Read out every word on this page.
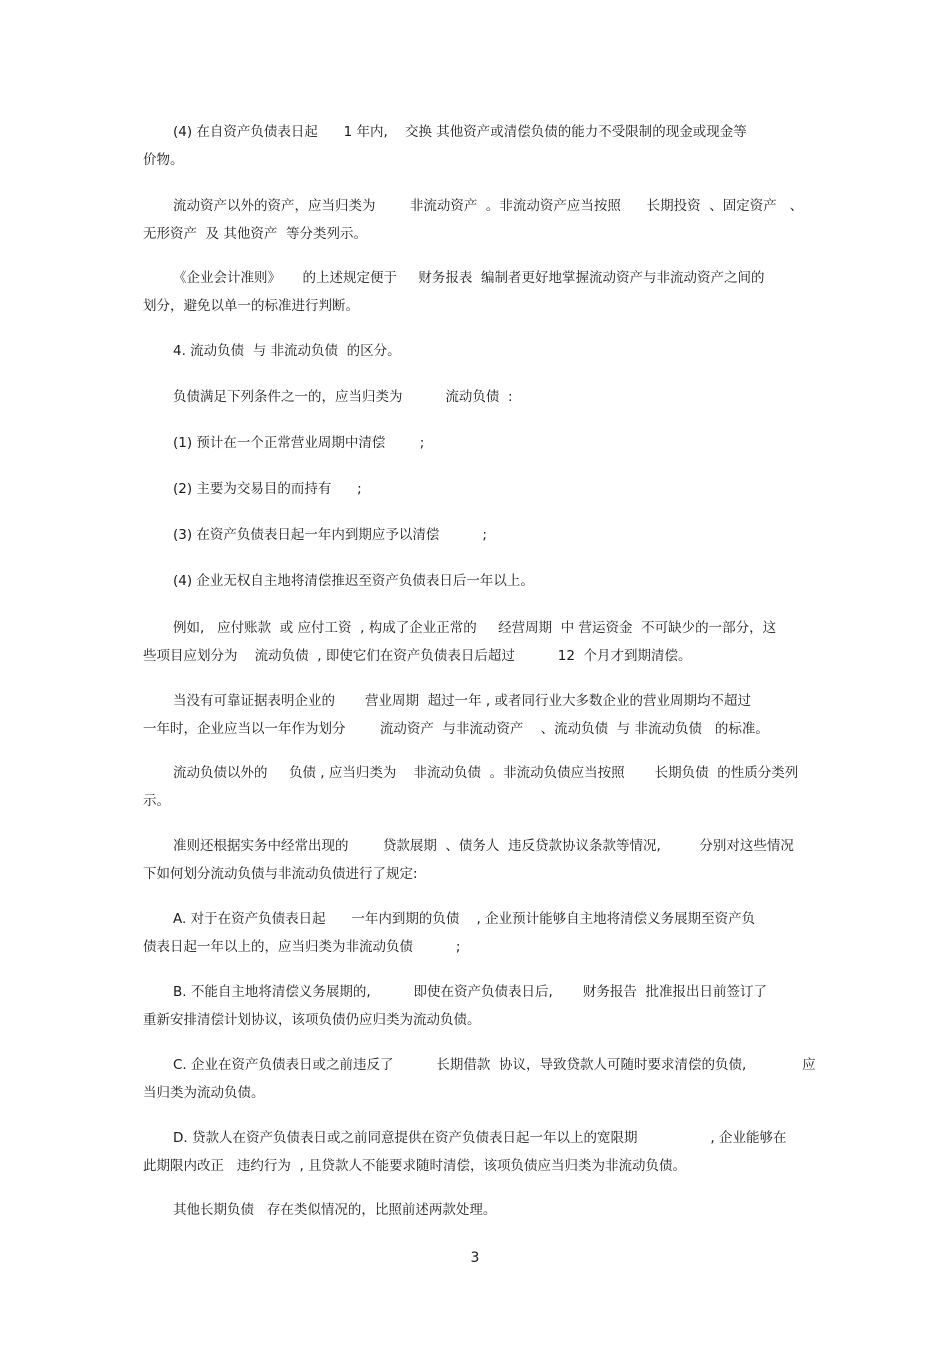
(4) 在自资产负债表日起      1 年内,    交换 其他资产或清偿负债的能力不受限制的现金或现金等
价物。

流动资产以外的资产，应当归类为        非流动资产  。非流动资产应当按照      长期投资  、固定资产   、
无形资产  及 其他资产  等分类列示。

《企业会计准则》     的上述规定便于     财务报表  编制者更好地掌握流动资产与非流动资产之间的
划分，避免以单一的标准进行判断。

4. 流动负债  与 非流动负债  的区分。

负债满足下列条件之一的，应当归类为          流动负债  :

(1) 预计在一个正常营业周期中清偿        ;

(2) 主要为交易目的而持有      ;

(3) 在资产负债表日起一年内到期应予以清偿          ;

(4) 企业无权自主地将清偿推迟至资产负债表日后一年以上。

例如,   应付账款  或 应付工资  , 构成了企业正常的     经营周期  中 营运资金  不可缺少的一部分，这
些项目应划分为    流动负债  , 即使它们在资产负债表日后超过          12  个月才到期清偿。

当没有可靠证据表明企业的       营业周期  超过一年 , 或者同行业大多数企业的营业周期均不超过
一年时，企业应当以一年作为划分        流动资产  与非流动资产    、流动负债  与 非流动负债   的标准。

流动负债以外的     负债 , 应当归类为    非流动负债  。非流动负债应当按照       长期负债  的性质分类列
示。

准则还根据实务中经常出现的        贷款展期  、债务人  违反贷款协议条款等情况,         分别对这些情况
下如何划分流动负债与非流动负债进行了规定:

A. 对于在资产负债表日起      一年内到期的负债    , 企业预计能够自主地将清偿义务展期至资产负
债表日起一年以上的，应当归类为非流动负债          ;

B. 不能自主地将清偿义务展期的,          即使在资产负债表日后,       财务报告  批准报出日前签订了
重新安排清偿计划协议，该项负债仍应归类为流动负债。

C. 企业在资产负债表日或之前违反了          长期借款  协议，导致贷款人可随时要求清偿的负债,             应
当归类为流动负债。

D. 贷款人在资产负债表日或之前同意提供在资产负债表日起一年以上的宽限期                 , 企业能够在
此期限内改正   违约行为  , 且贷款人不能要求随时清偿，该项负债应当归类为非流动负债。

其他长期负债   存在类似情况的，比照前述两款处理。

3
